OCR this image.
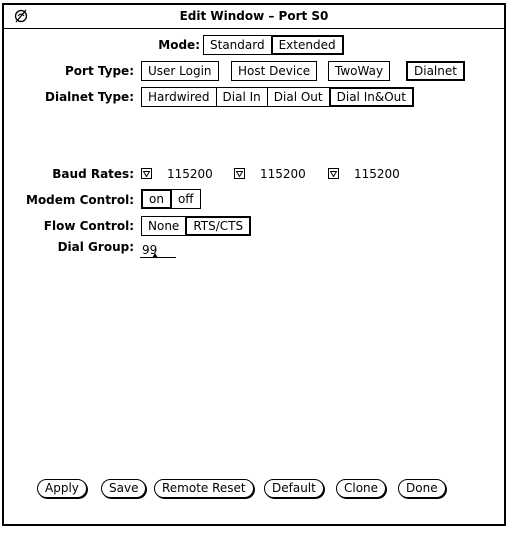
Edit Window – Port S0
Mode: Standard	Extended
Port Type:	User Login	Host Device	TwoWay	Dialnet
Dialnet Type:	Hardwired	Dial In	Dial Out	Dial In&Out
Baud Rates:	115200	115200	115200
Modem Control:	on	off
Flow Control:	None	RTS/CTS
Dial Group:
99
Apply	Save	Remote Reset	Default	Clone	Done
